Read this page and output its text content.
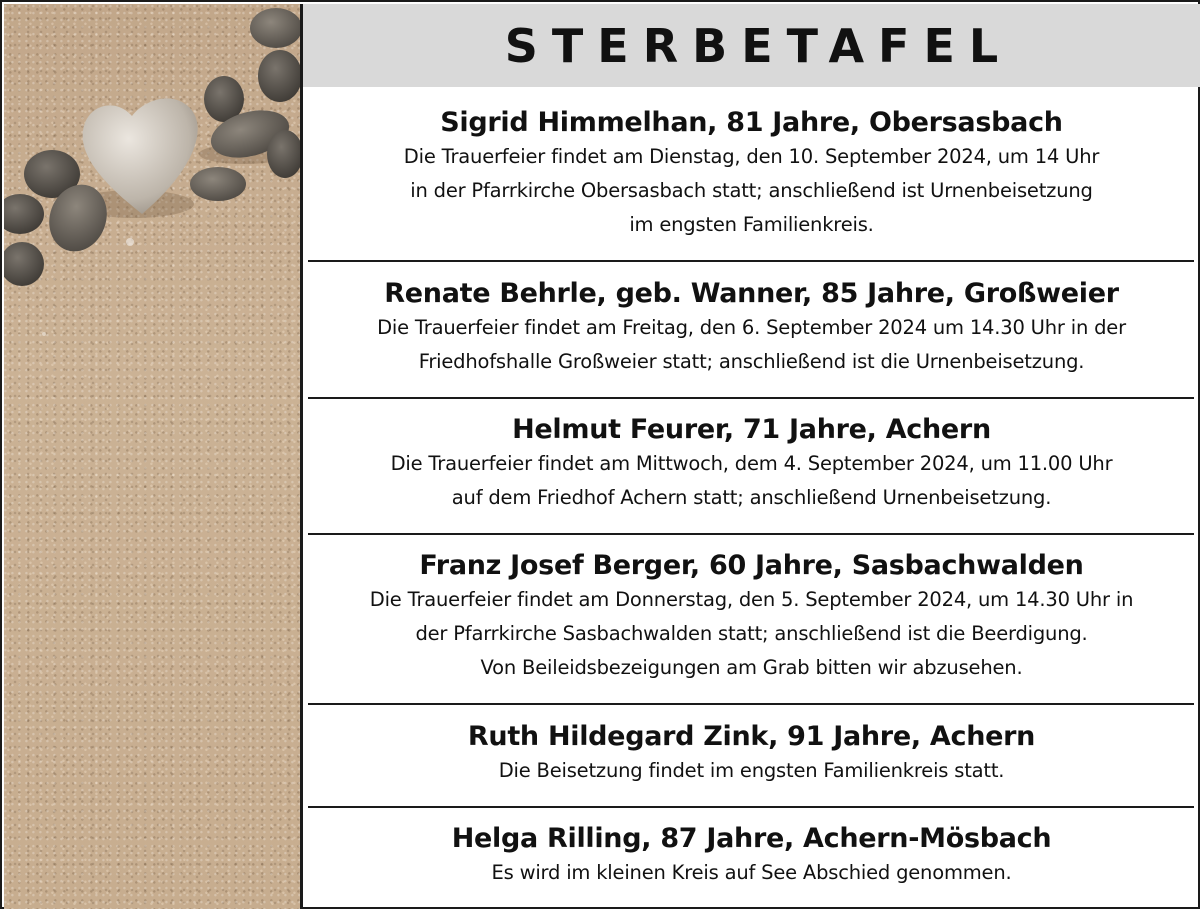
STERBETAFEL
Sigrid Himmelhan, 81 Jahre, Obersasbach
Die Trauerfeier findet am Dienstag, den 10. September 2024, um 14 Uhr
in der Pfarrkirche Obersasbach statt; anschließend ist Urnenbeisetzung
im engsten Familienkreis.
Renate Behrle, geb. Wanner, 85 Jahre, Großweier
Die Trauerfeier findet am Freitag, den 6. September 2024 um 14.30 Uhr in der
Friedhofshalle Großweier statt; anschließend ist die Urnenbeisetzung.
Helmut Feurer, 71 Jahre, Achern
Die Trauerfeier findet am Mittwoch, dem 4. September 2024, um 11.00 Uhr
auf dem Friedhof Achern statt; anschließend Urnenbeisetzung.
Franz Josef Berger, 60 Jahre, Sasbachwalden
Die Trauerfeier findet am Donnerstag, den 5. September 2024, um 14.30 Uhr in
der Pfarrkirche Sasbachwalden statt; anschließend ist die Beerdigung.
Von Beileidsbezeigungen am Grab bitten wir abzusehen.
Ruth Hildegard Zink, 91 Jahre, Achern
Die Beisetzung findet im engsten Familienkreis statt.
Helga Rilling, 87 Jahre, Achern-Mösbach
Es wird im kleinen Kreis auf See Abschied genommen.
